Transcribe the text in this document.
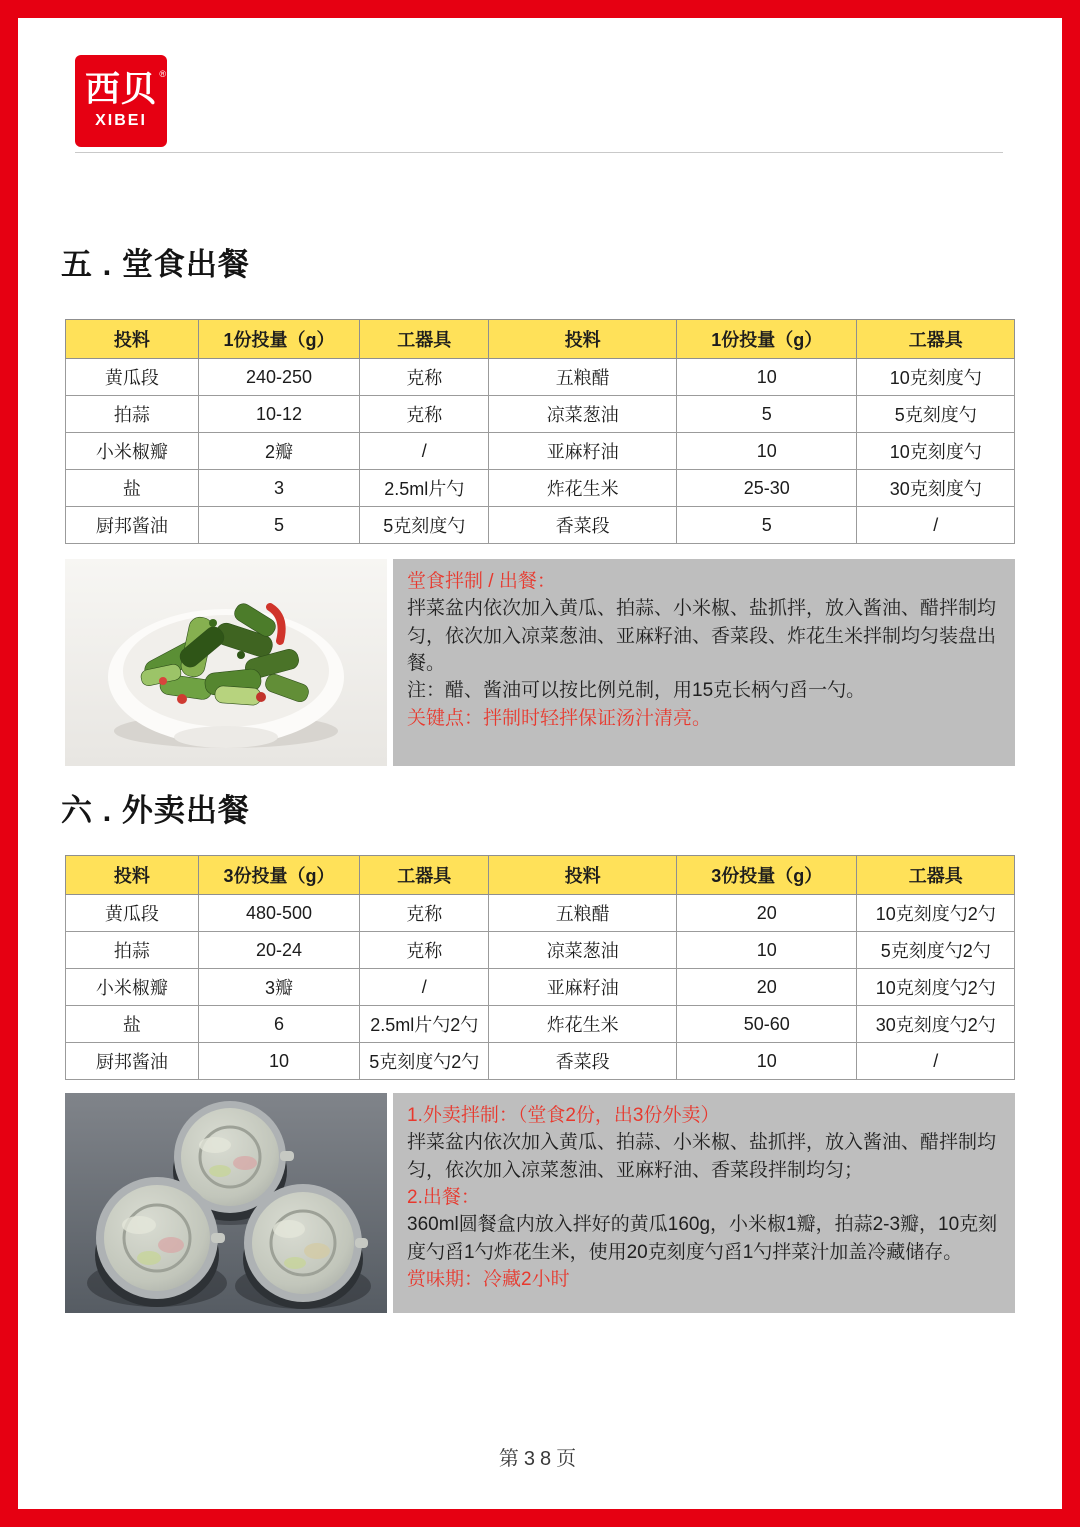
西贝 ®
XIBEI
五 . 堂食出餐
投料	1份投量（g）	工器具	投料	1份投量（g）	工器具
黄瓜段	240-250	克称	五粮醋	10	10克刻度勺
拍蒜	10-12	克称	凉菜葱油	5	5克刻度勺
小米椒瓣	2瓣	/	亚麻籽油	10	10克刻度勺
盐	3	2.5ml片勺	炸花生米	25-30	30克刻度勺
厨邦酱油	5	5克刻度勺	香菜段	5	/

堂食拌制 / 出餐：

拌菜盆内依次加入黄瓜、拍蒜、小米椒、盐抓拌，放入酱油、醋拌制均匀，依次加入凉菜葱油、亚麻籽油、香菜段、炸花生米拌制均匀装盘出餐。

注：醋、酱油可以按比例兑制，用15克长柄勺舀一勺。

关键点：拌制时轻拌保证汤汁清亮。

六 . 外卖出餐
投料	3份投量（g）	工器具	投料	3份投量（g）	工器具
黄瓜段	480-500	克称	五粮醋	20	10克刻度勺2勺
拍蒜	20-24	克称	凉菜葱油	10	5克刻度勺2勺
小米椒瓣	3瓣	/	亚麻籽油	20	10克刻度勺2勺
盐	6	2.5ml片勺2勺	炸花生米	50-60	30克刻度勺2勺
厨邦酱油	10	5克刻度勺2勺	香菜段	10	/

1.外卖拌制：（堂食2份，出3份外卖）

拌菜盆内依次加入黄瓜、拍蒜、小米椒、盐抓拌，放入酱油、醋拌制均匀，依次加入凉菜葱油、亚麻籽油、香菜段拌制均匀；

2.出餐：

360ml圆餐盒内放入拌好的黄瓜160g，小米椒1瓣，拍蒜2-3瓣，10克刻度勺舀1勺炸花生米，使用20克刻度勺舀1勺拌菜汁加盖冷藏储存。

赏味期：冷藏2小时

第38页
